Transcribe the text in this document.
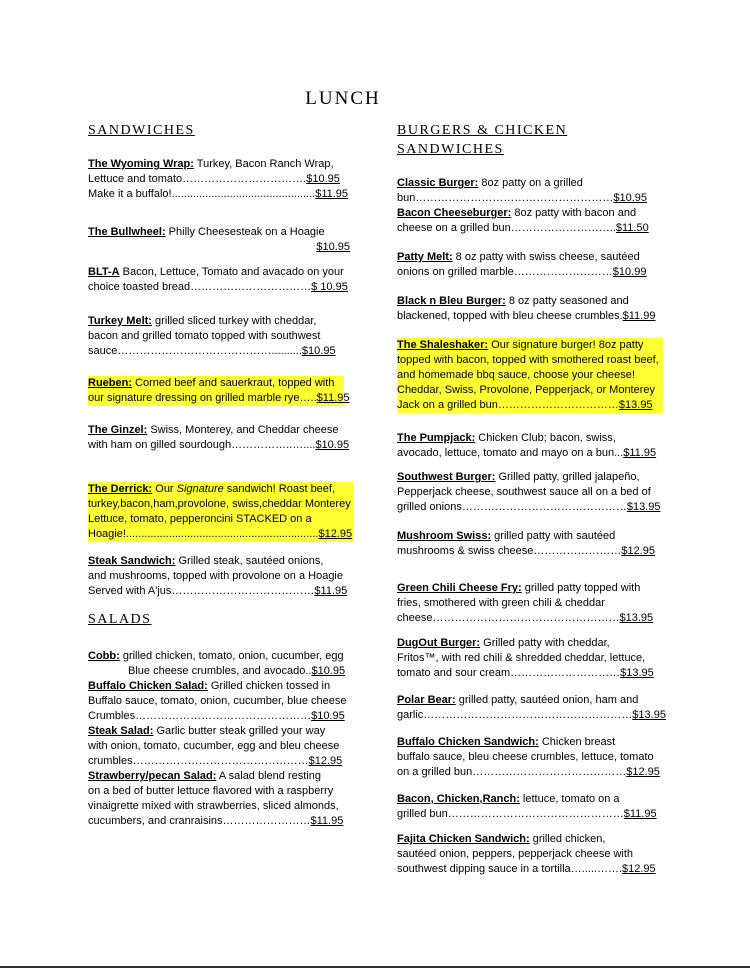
LUNCH
SANDWICHES
The Wyoming Wrap: Turkey, Bacon Ranch Wrap,
Lettuce and tomato…………………………….$10.95
Make it a buffalo!...............................................$11.95
The Bullwheel: Philly Cheesesteak on a Hoagie
$10.95
BLT-A Bacon, Lettuce, Tomato and avacado on your
choice toasted bread……………………………$ 10.95
Turkey Melt: grilled sliced turkey with cheddar,
bacon and grilled tomato topped with southwest
sauce……………………………………..........$10.95
Rueben: Corned beef and sauerkraut, topped with
our signature dressing on grilled marble rye…..$11.95
The Ginzel: Swiss, Monterey, and Cheddar cheese
with ham on gilled sourdough……………..…....$10.95
The Derrick: Our Signature sandwich! Roast beef,
turkey,bacon,ham,provolone, swiss,cheddar Monterey
Lettuce, tomato, pepperoncini STACKED on a
Hoagie!...............................................................$12.95
Steak Sandwich: Grilled steak, sautéed onions,
and mushrooms, topped with provolone on a Hoagie
Served with A'jus…………………………………$11.95
SALADS
Cobb: grilled chicken, tomato, onion, cucumber, egg
Blue cheese crumbles, and avocado..$10.95
Buffalo Chicken Salad: Grilled chicken tossed in
Buffalo sauce, tomato, onion, cucumber, blue cheese
Crumbles…………………………………………$10.95
Steak Salad: Garlic butter steak grilled your way
with onion, tomato, cucumber, egg and bleu cheese
crumbles…………………………………………$12.95
Strawberry/pecan Salad: A salad blend resting
on a bed of butter lettuce flavored with a raspberry
vinaigrette mixed with strawberries, sliced almonds,
cucumbers, and cranraisins……………………$11.95
BURGERS & CHICKEN
SANDWICHES
Classic Burger: 8oz patty on a grilled
bun………………………………………………$10.95
Bacon Cheeseburger: 8oz patty with bacon and
cheese on a grilled bun………………………..$11.50
Patty Melt: 8 oz patty with swiss cheese, sautéed
onions on grilled marble………………………$10.99
Black n Bleu Burger: 8 oz patty seasoned and
blackened, topped with bleu cheese crumbles.$11.99
The Shaleshaker: Our signature burger! 8oz patty
topped with bacon, topped with smothered roast beef,
and homemade bbq sauce, choose your cheese!
Cheddar, Swiss, Provolone, Pepperjack, or Monterey
Jack on a grilled bun……………………………$13.95
The Pumpjack: Chicken Club; bacon, swiss,
avocado, lettuce, tomato and mayo on a bun...$11.95
Southwest Burger: Grilled patty, grilled jalapeño,
Pepperjack cheese, southwest sauce all on a bed of
grilled onions………………………………………$13.95
Mushroom Swiss: grilled patty with sautéed
mushrooms & swiss cheese……………………$12.95
Green Chili Cheese Fry: grilled patty topped with
fries, smothered with green chili & cheddar
cheese……………………………………………$13.95
DugOut Burger: Grilled patty with cheddar,
Fritos™, with red chili & shredded cheddar, lettuce,
tomato and sour cream…………………………$13.95
Polar Bear: grilled patty, sautéed onion, ham and
garlic…………………………………………………$13.95
Buffalo Chicken Sandwich: Chicken breast
buffalo sauce, bleu cheese crumbles, lettuce, tomato
on a grilled bun……………………………………$12.95
Bacon, Chicken,Ranch: lettuce, tomato on a
grilled bun…………………………………………$11.95
Fajita Chicken Sandwich: grilled chicken,
sautéed onion, peppers, pepperjack cheese with
southwest dipping sauce in a tortilla….....…….$12.95
